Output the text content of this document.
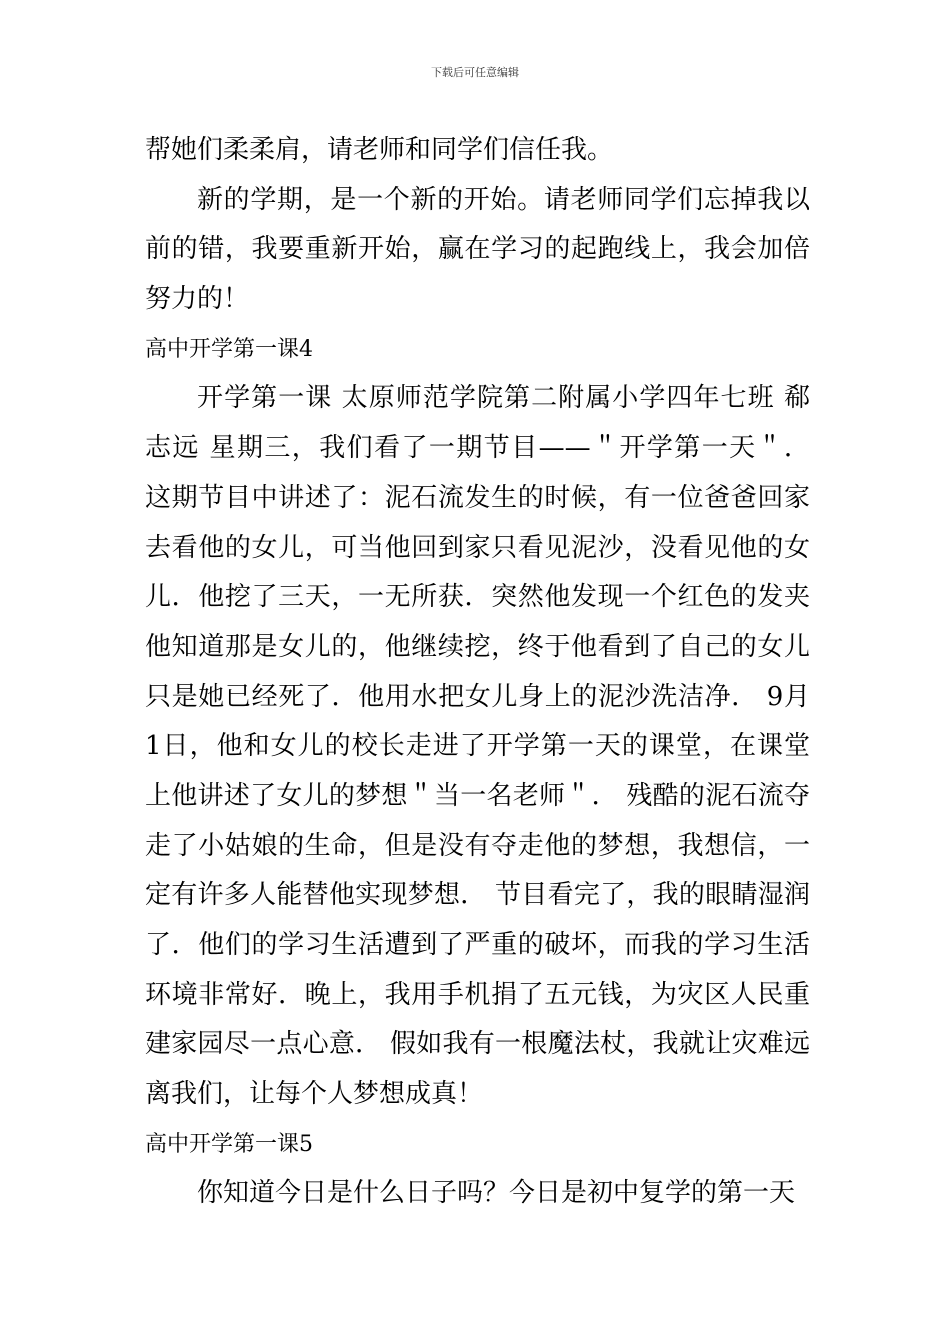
下载后可任意编辑
帮她们柔柔肩，请老师和同学们信任我。
新的学期，是一个新的开始。请老师同学们忘掉我以
前的错，我要重新开始，赢在学习的起跑线上，我会加倍
努力的！
高中开学第一课4
开学第一课 太原师范学院第二附属小学四年七班 郗
志远 星期三，我们看了一期节目——＂开学第一天＂．
这期节目中讲述了：泥石流发生的时候，有一位爸爸回家
去看他的女儿，可当他回到家只看见泥沙，没看见他的女
儿．他挖了三天，一无所获．突然他发现一个红色的发夹
他知道那是女儿的，他继续挖，终于他看到了自己的女儿
只是她已经死了．他用水把女儿身上的泥沙洗洁净． 9月
1日，他和女儿的校长走进了开学第一天的课堂，在课堂
上他讲述了女儿的梦想＂当一名老师＂． 残酷的泥石流夺
走了小姑娘的生命，但是没有夺走他的梦想，我想信，一
定有许多人能替他实现梦想． 节目看完了，我的眼睛湿润
了．他们的学习生活遭到了严重的破坏，而我的学习生活
环境非常好．晚上，我用手机捐了五元钱，为灾区人民重
建家园尽一点心意． 假如我有一根魔法杖，我就让灾难远
离我们，让每个人梦想成真！
高中开学第一课5
你知道今日是什么日子吗？今日是初中复学的第一天
